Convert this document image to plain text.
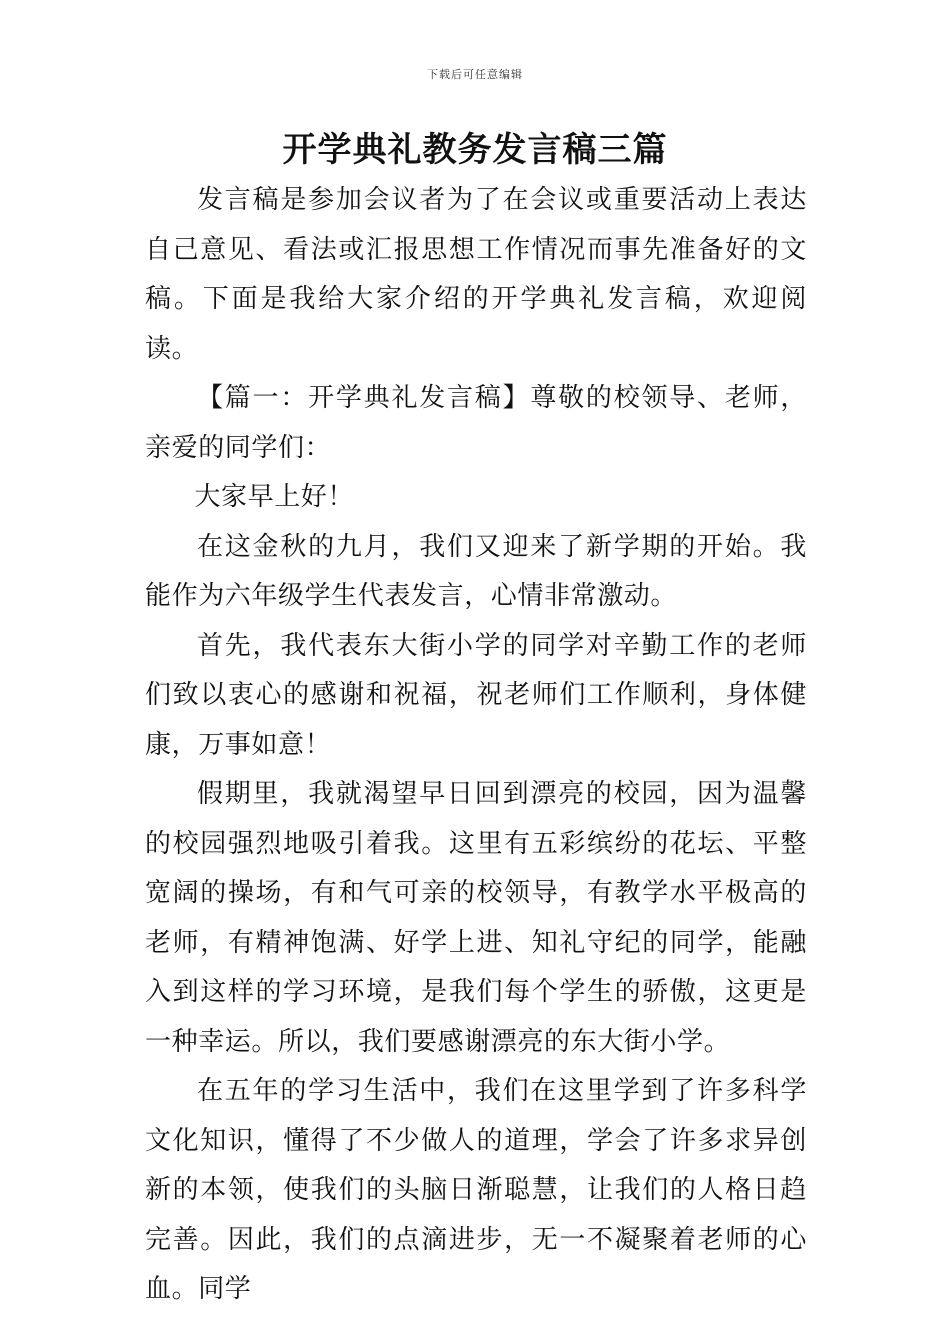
下载后可任意编辑
开学典礼教务发言稿三篇

发言稿是参加会议者为了在会议或重要活动上表达自己意见、看法或汇报思想工作情况而事先准备好的文稿。下面是我给大家介绍的开学典礼发言稿，欢迎阅读。

【篇一：开学典礼发言稿】尊敬的校领导、老师，亲爱的同学们：

大家早上好！

在这金秋的九月，我们又迎来了新学期的开始。我能作为六年级学生代表发言，心情非常激动。

首先，我代表东大街小学的同学对辛勤工作的老师们致以衷心的感谢和祝福，祝老师们工作顺利，身体健康，万事如意！

假期里，我就渴望早日回到漂亮的校园，因为温馨的校园强烈地吸引着我。这里有五彩缤纷的花坛、平整宽阔的操场，有和气可亲的校领导，有教学水平极高的老师，有精神饱满、好学上进、知礼守纪的同学，能融入到这样的学习环境，是我们每个学生的骄傲，这更是一种幸运。所以，我们要感谢漂亮的东大街小学。

在五年的学习生活中，我们在这里学到了许多科学文化知识，懂得了不少做人的道理，学会了许多求异创新的本领，使我们的头脑日渐聪慧，让我们的人格日趋完善。因此，我们的点滴进步，无一不凝聚着老师的心血。同学
